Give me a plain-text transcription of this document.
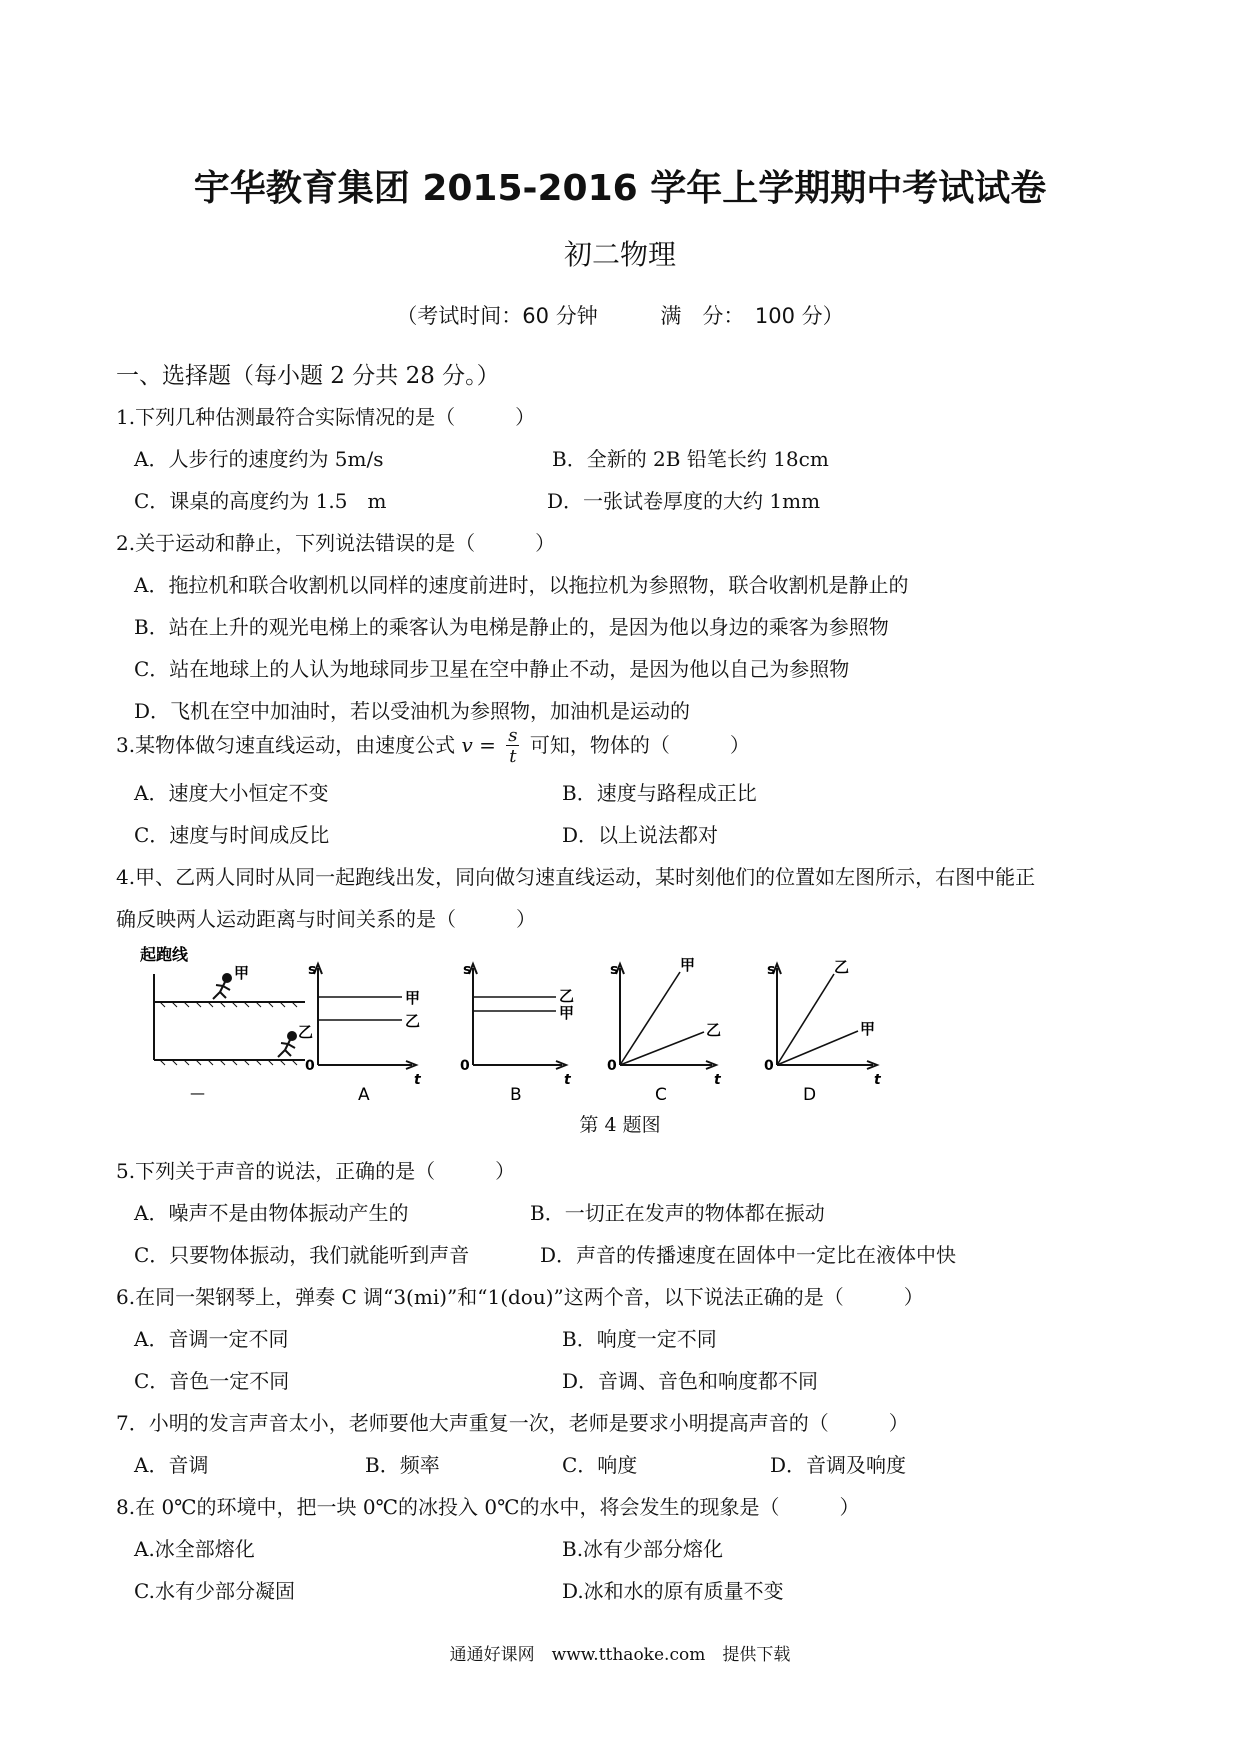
宇华教育集团 2015-2016 学年上学期期中考试试卷
初二物理
（考试时间：60 分钟	满　分：　100 分）
一、选择题（每小题 2 分共 28 分。）
1.下列几种估测最符合实际情况的是（　　　）
A．人步行的速度约为 5m/s	B．全新的 2B 铅笔长约 18cm
C．课桌的高度约为 1.5　m	D．一张试卷厚度的大约 1mm
2.关于运动和静止，下列说法错误的是（　　　）
A．拖拉机和联合收割机以同样的速度前进时，以拖拉机为参照物，联合收割机是静止的
B．站在上升的观光电梯上的乘客认为电梯是静止的，是因为他以身边的乘客为参照物
C．站在地球上的人认为地球同步卫星在空中静止不动，是因为他以自己为参照物
D．飞机在空中加油时，若以受油机为参照物，加油机是运动的
3.某物体做匀速直线运动，由速度公式 $v = \frac{s}{t}$ 可知，物体的（　　　）
A．速度大小恒定不变	B．速度与路程成正比
C．速度与时间成反比	D．以上说法都对
4.甲、乙两人同时从同一起跑线出发，同向做匀速直线运动，某时刻他们的位置如左图所示，右图中能正
确反映两人运动距离与时间关系的是（　　　）
起跑线
甲
乙
—
s
t
0
甲
乙
A
s
t
0
乙
甲
B
s
t
0
甲
乙
C
s
t
0
乙
甲
D
第 4 题图
5.下列关于声音的说法，正确的是（　　　）
A．噪声不是由物体振动产生的	B．一切正在发声的物体都在振动
C．只要物体振动，我们就能听到声音	D．声音的传播速度在固体中一定比在液体中快
6.在同一架钢琴上，弹奏 C 调“3(mi)”和“1(dou)”这两个音，以下说法正确的是（　　　）
A．音调一定不同	B．响度一定不同
C．音色一定不同	D．音调、音色和响度都不同
7．小明的发言声音太小，老师要他大声重复一次，老师是要求小明提高声音的（　　　）
A．音调	B．频率	C．响度	D．音调及响度
8.在 0℃的环境中，把一块 0℃的冰投入 0℃的水中，将会发生的现象是（　　　）
A.冰全部熔化	B.冰有少部分熔化
C.水有少部分凝固	D.冰和水的原有质量不变
通通好课网　www.tthaoke.com　提供下载
